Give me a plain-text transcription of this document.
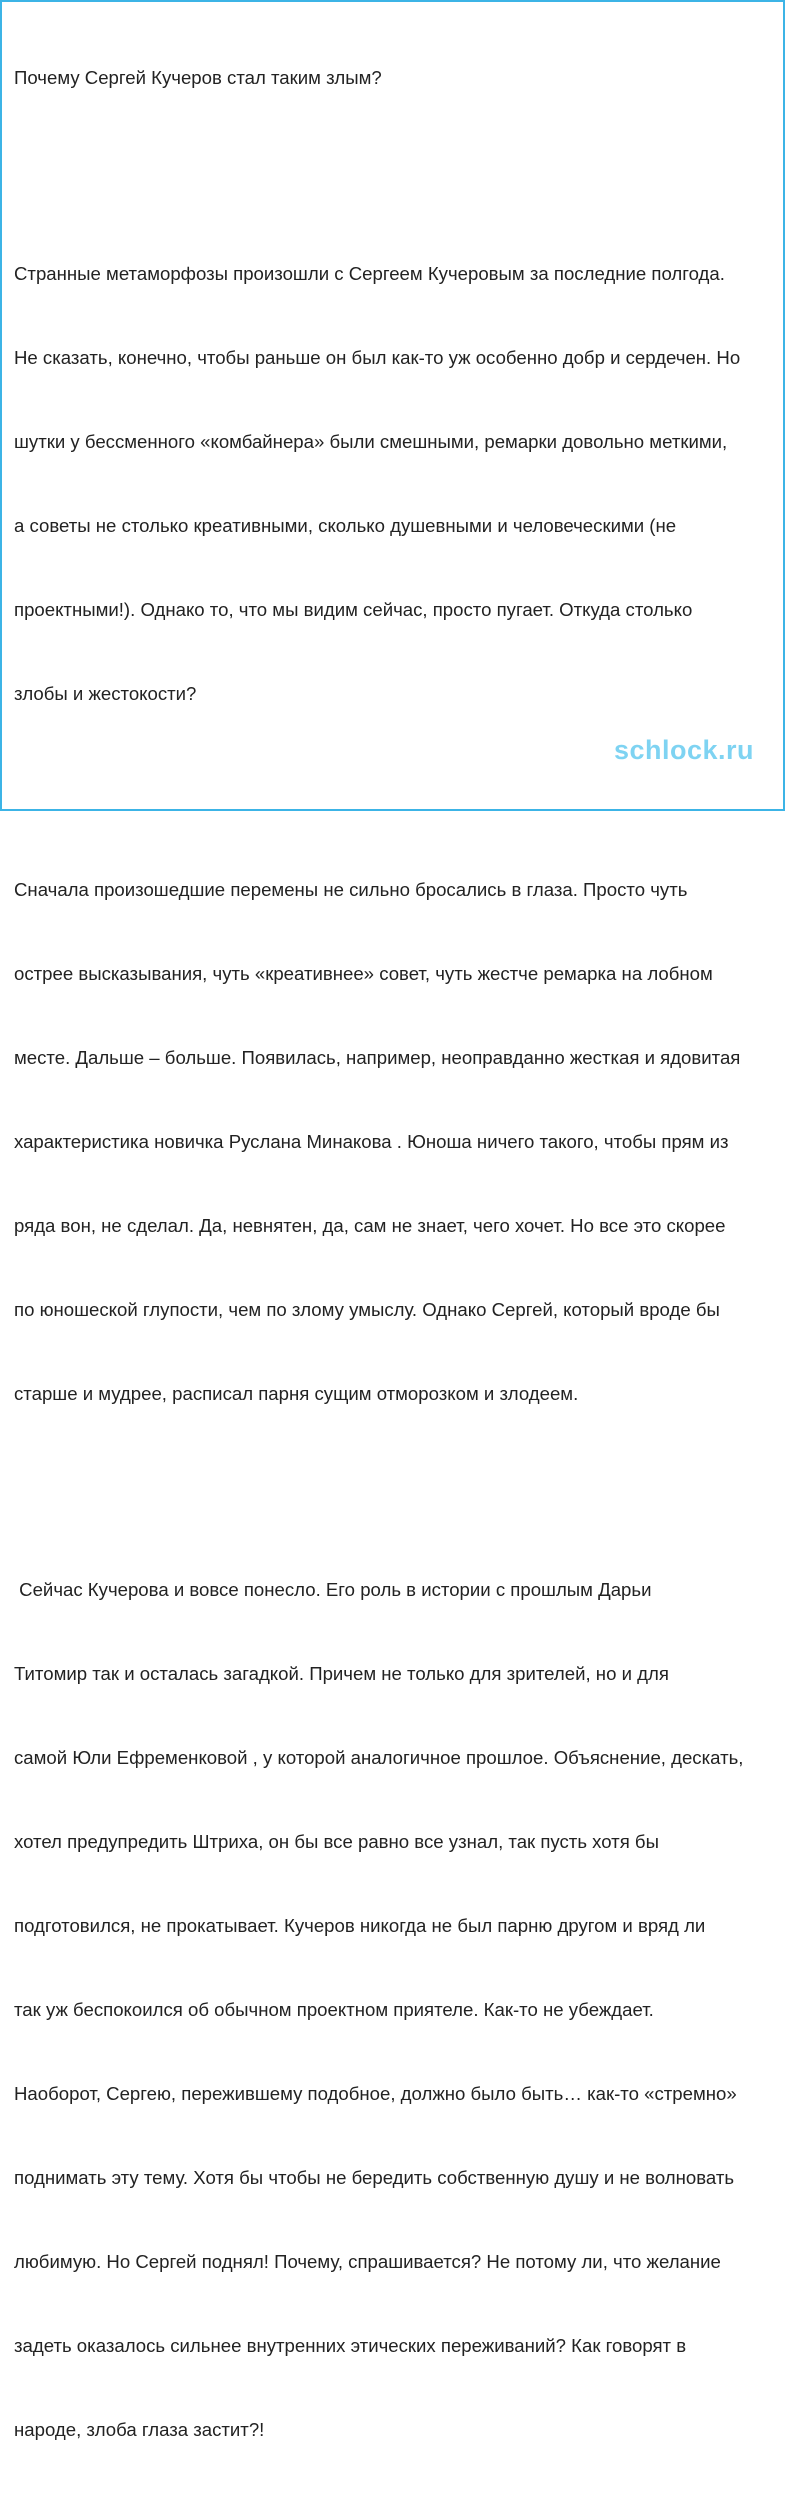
Почему Сергей Кучеров стал таким злым?

Странные метаморфозы произошли с Сергеем Кучеровым за последние полгода.

Не сказать, конечно, чтобы раньше он был как-то уж особенно добр и сердечен. Но

шутки у бессменного «комбайнера» были смешными, ремарки довольно меткими,

а советы не столько креативными, сколько душевными и человеческими (не

проектными!). Однако то, что мы видим сейчас, просто пугает. Откуда столько

злобы и жестокости?

Сначала произошедшие перемены не сильно бросались в глаза. Просто чуть

острее высказывания, чуть «креативнее» совет, чуть жестче ремарка на лобном

месте. Дальше – больше. Появилась, например, неоправданно жесткая и ядовитая

характеристика новичка Руслана Минакова . Юноша ничего такого, чтобы прям из

ряда вон, не сделал. Да, невнятен, да, сам не знает, чего хочет. Но все это скорее

по юношеской глупости, чем по злому умыслу. Однако Сергей, который вроде бы

старше и мудрее, расписал парня сущим отморозком и злодеем.

Сейчас Кучерова и вовсе понесло. Его роль в истории с прошлым Дарьи

Титомир так и осталась загадкой. Причем не только для зрителей, но и для

самой Юли Ефременковой , у которой аналогичное прошлое. Объяснение, дескать,

хотел предупредить Штриха, он бы все равно все узнал, так пусть хотя бы

подготовился, не прокатывает. Кучеров никогда не был парню другом и вряд ли

так уж беспокоился об обычном проектном приятеле. Как-то не убеждает.

Наоборот, Сергею, пережившему подобное, должно было быть… как-то «стремно»

поднимать эту тему. Хотя бы чтобы не бередить собственную душу и не волновать

любимую. Но Сергей поднял! Почему, спрашивается? Не потому ли, что желание

задеть оказалось сильнее внутренних этических переживаний? Как говорят в

народе, злоба глаза застит?!

schlock.ru
